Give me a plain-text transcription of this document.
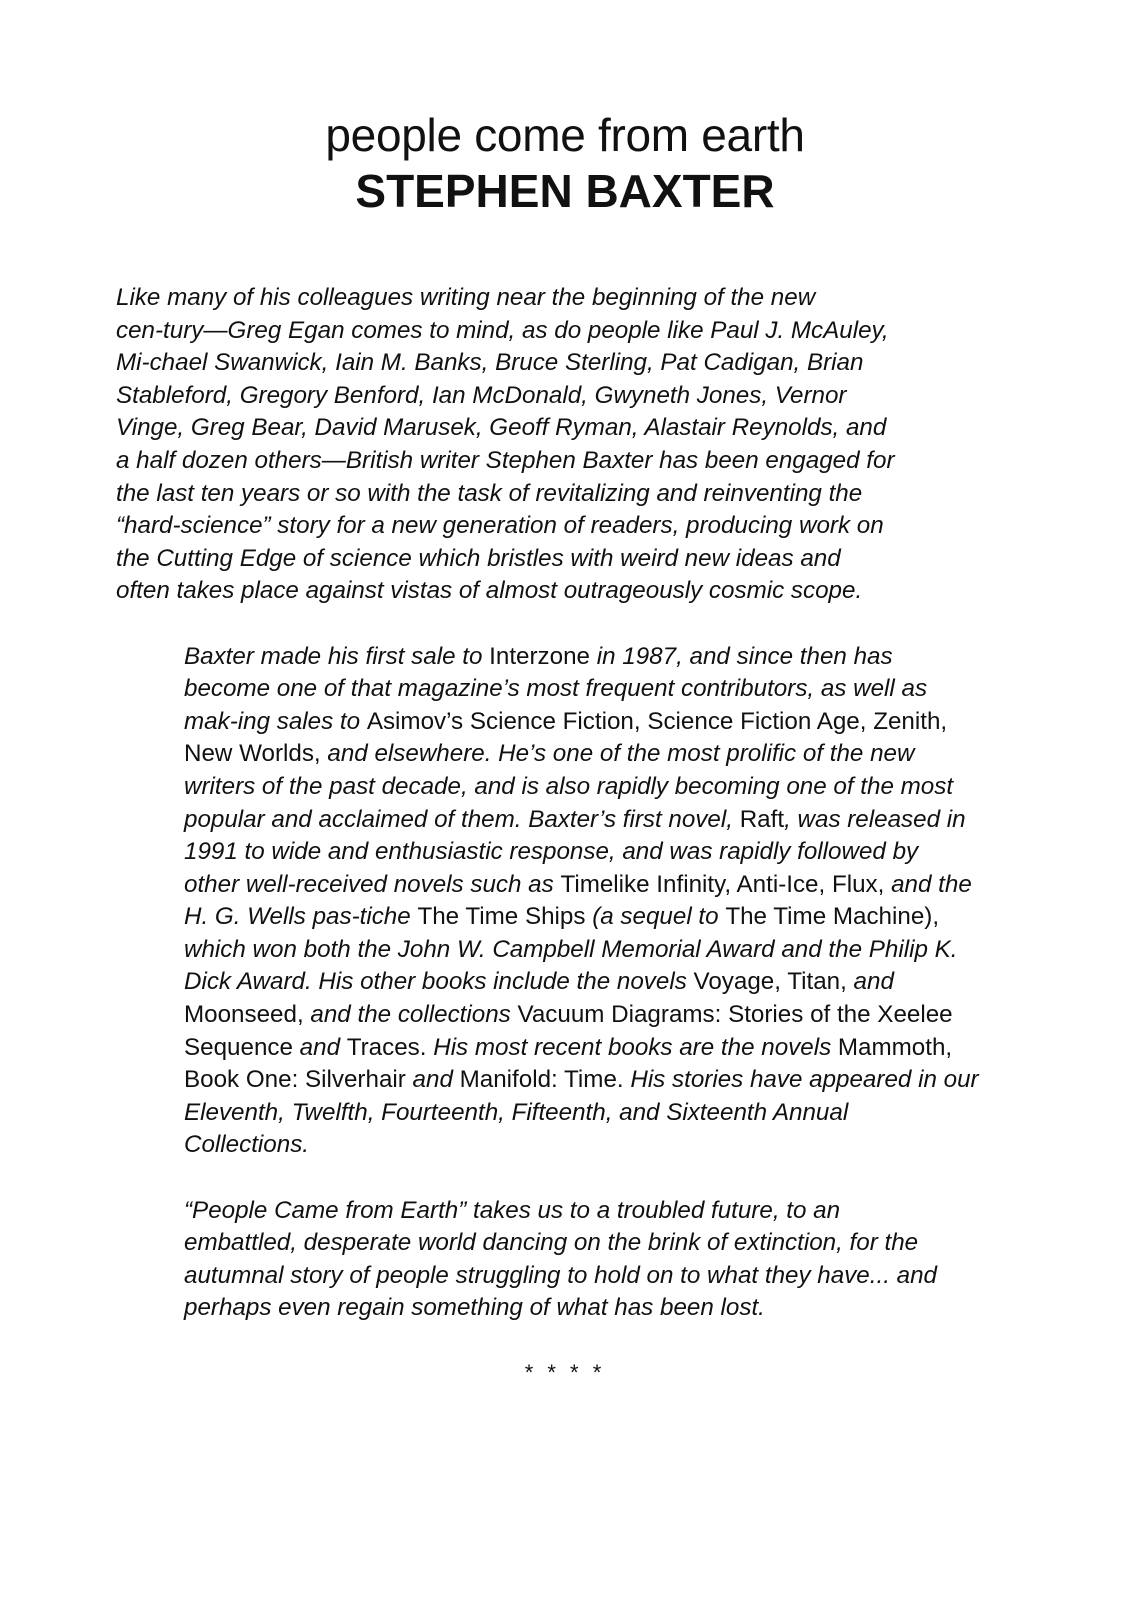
people come from earth
STEPHEN BAXTER

Like many of his colleagues writing near the beginning of the new
cen-tury—Greg Egan comes to mind, as do people like Paul J. McAuley,
Mi-chael Swanwick, Iain M. Banks, Bruce Sterling, Pat Cadigan, Brian
Stableford, Gregory Benford, Ian McDonald, Gwyneth Jones, Vernor
Vinge, Greg Bear, David Marusek, Geoff Ryman, Alastair Reynolds, and
a half dozen others—British writer Stephen Baxter has been engaged for
the last ten years or so with the task of revitalizing and reinventing the
“hard-science” story for a new generation of readers, producing work on
the Cutting Edge of science which bristles with weird new ideas and
often takes place against vistas of almost outrageously cosmic scope.

Baxter made his first sale to Interzone in 1987, and since then has
become one of that magazine’s most frequent contributors, as well as
mak-ing sales to Asimov’s Science Fiction, Science Fiction Age, Zenith,
New Worlds, and elsewhere. He’s one of the most prolific of the new
writers of the past decade, and is also rapidly becoming one of the most
popular and acclaimed of them. Baxter’s first novel, Raft, was released in
1991 to wide and enthusiastic response, and was rapidly followed by
other well-received novels such as Timelike Infinity, Anti-Ice, Flux, and the
H. G. Wells pas-tiche The Time Ships (a sequel to The Time Machine),
which won both the John W. Campbell Memorial Award and the Philip K.
Dick Award. His other books include the novels Voyage, Titan, and
Moonseed, and the collections Vacuum Diagrams: Stories of the Xeelee
Sequence and Traces. His most recent books are the novels Mammoth,
Book One: Silverhair and Manifold: Time. His stories have appeared in our
Eleventh, Twelfth, Fourteenth, Fifteenth, and Sixteenth Annual
Collections.

“People Came from Earth” takes us to a troubled future, to an
embattled, desperate world dancing on the brink of extinction, for the
autumnal story of people struggling to hold on to what they have... and
perhaps even regain something of what has been lost.

* * * *
